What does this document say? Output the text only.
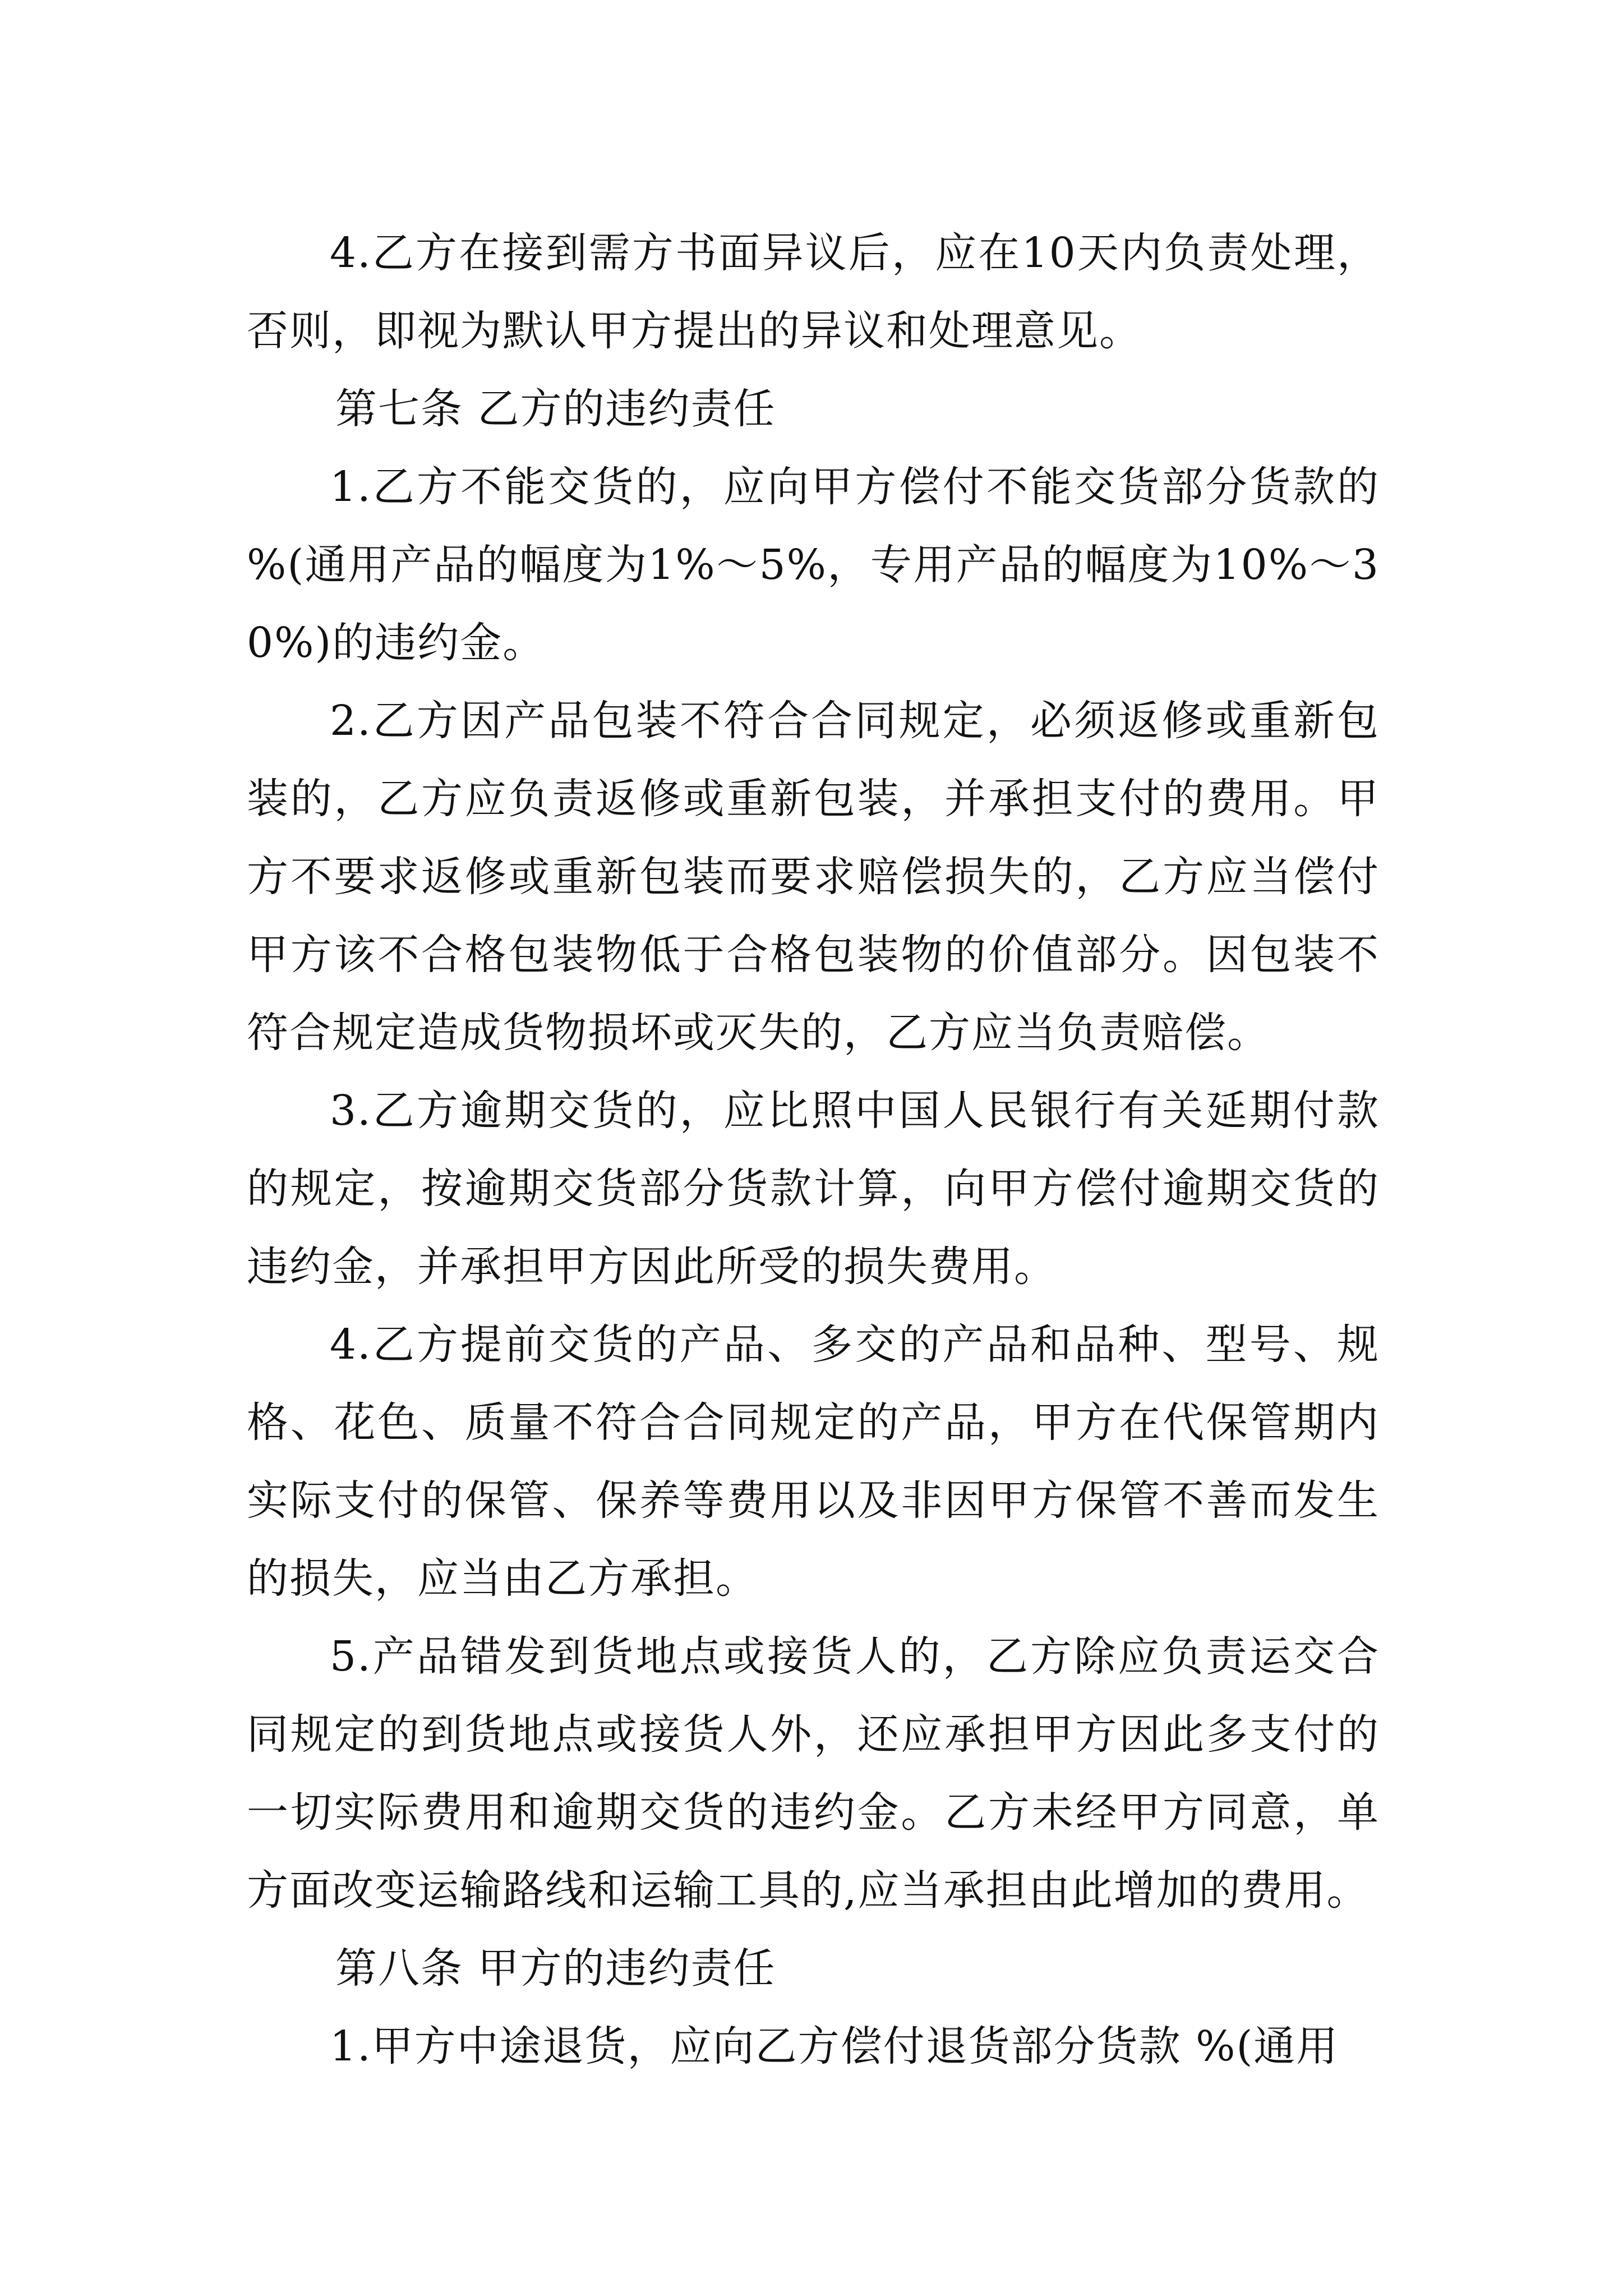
4.乙方在接到需方书面异议后，应在10天内负责处理，否则，即视为默认甲方提出的异议和处理意见。

第七条 乙方的违约责任

1.乙方不能交货的，应向甲方偿付不能交货部分货款的 %(通用产品的幅度为1%～5%，专用产品的幅度为10%～30%)的违约金。

2.乙方因产品包装不符合合同规定，必须返修或重新包装的，乙方应负责返修或重新包装，并承担支付的费用。甲方不要求返修或重新包装而要求赔偿损失的，乙方应当偿付甲方该不合格包装物低于合格包装物的价值部分。因包装不符合规定造成货物损坏或灭失的，乙方应当负责赔偿。

3.乙方逾期交货的，应比照中国人民银行有关延期付款的规定，按逾期交货部分货款计算，向甲方偿付逾期交货的违约金，并承担甲方因此所受的损失费用。

4.乙方提前交货的产品、多交的产品和品种、型号、规格、花色、质量不符合合同规定的产品，甲方在代保管期内实际支付的保管、保养等费用以及非因甲方保管不善而发生的损失，应当由乙方承担。

5.产品错发到货地点或接货人的，乙方除应负责运交合同规定的到货地点或接货人外，还应承担甲方因此多支付的一切实际费用和逾期交货的违约金。乙方未经甲方同意，单方面改变运输路线和运输工具的,应当承担由此增加的费用。

第八条 甲方的违约责任

1.甲方中途退货，应向乙方偿付退货部分货款 %(通用
